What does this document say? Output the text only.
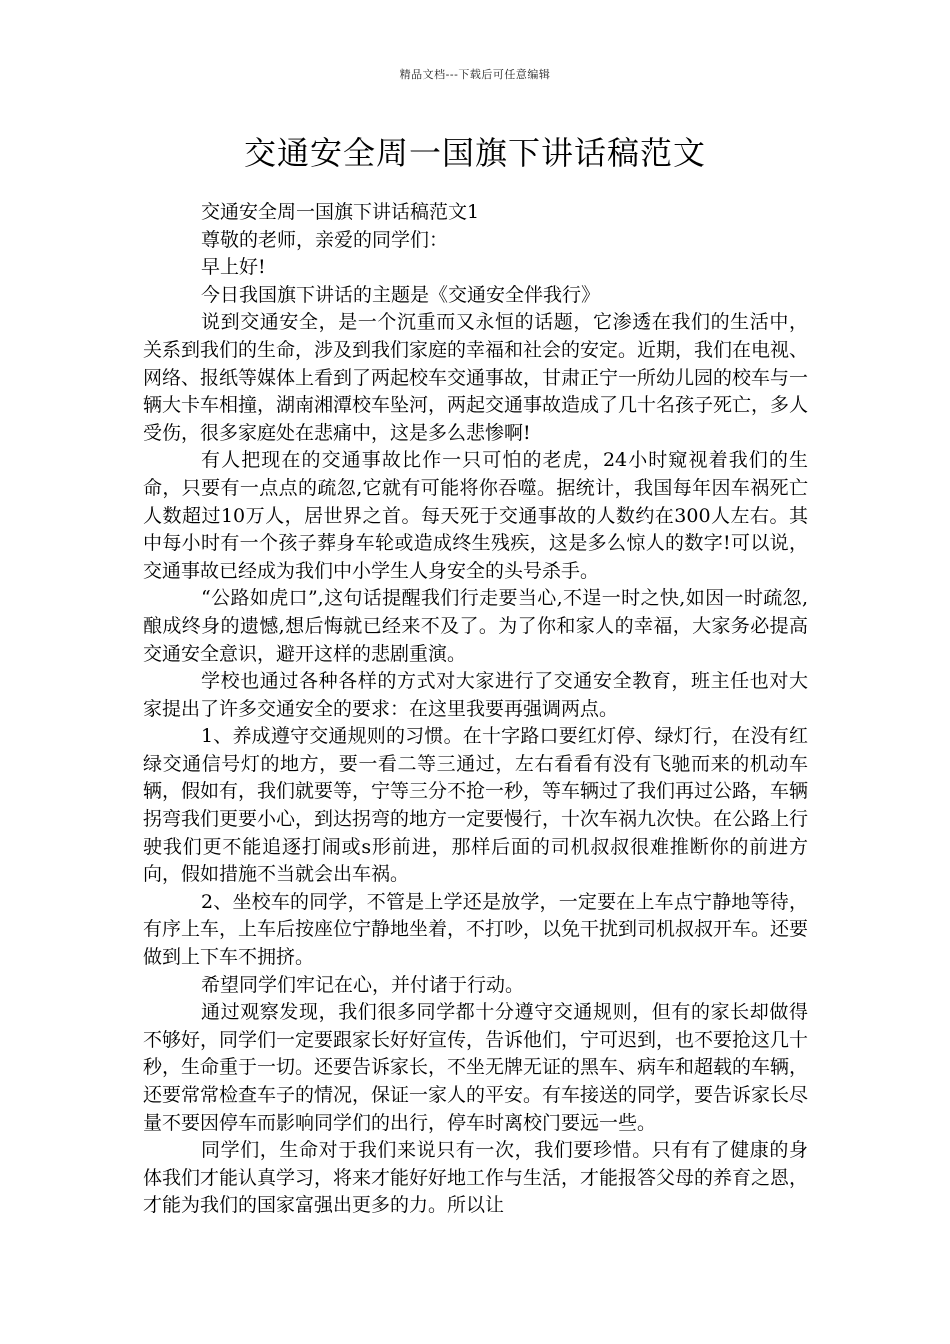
精品文档---下载后可任意编辑
交通安全周一国旗下讲话稿范文

交通安全周一国旗下讲话稿范文1

尊敬的老师，亲爱的同学们：

早上好!

今日我国旗下讲话的主题是《交通安全伴我行》

说到交通安全，是一个沉重而又永恒的话题，它渗透在我们的生活中，关系到我们的生命，涉及到我们家庭的幸福和社会的安定。近期，我们在电视、网络、报纸等媒体上看到了两起校车交通事故，甘肃正宁一所幼儿园的校车与一辆大卡车相撞，湖南湘潭校车坠河，两起交通事故造成了几十名孩子死亡，多人受伤，很多家庭处在悲痛中，这是多么悲惨啊!

有人把现在的交通事故比作一只可怕的老虎，24小时窥视着我们的生命，只要有一点点的疏忽,它就有可能将你吞噬。据统计，我国每年因车祸死亡人数超过10万人，居世界之首。每天死于交通事故的人数约在300人左右。其中每小时有一个孩子葬身车轮或造成终生残疾，这是多么惊人的数字!可以说，交通事故已经成为我们中小学生人身安全的头号杀手。

“公路如虎口”,这句话提醒我们行走要当心,不逞一时之快,如因一时疏忽,酿成终身的遗憾,想后悔就已经来不及了。为了你和家人的幸福，大家务必提高交通安全意识，避开这样的悲剧重演。

学校也通过各种各样的方式对大家进行了交通安全教育，班主任也对大家提出了许多交通安全的要求：在这里我要再强调两点。

1、养成遵守交通规则的习惯。在十字路口要红灯停、绿灯行，在没有红绿交通信号灯的地方，要一看二等三通过，左右看看有没有飞驰而来的机动车辆，假如有，我们就要等，宁等三分不抢一秒，等车辆过了我们再过公路，车辆拐弯我们更要小心，到达拐弯的地方一定要慢行，十次车祸九次快。在公路上行驶我们更不能追逐打闹或s形前进，那样后面的司机叔叔很难推断你的前进方向，假如措施不当就会出车祸。

2、坐校车的同学，不管是上学还是放学，一定要在上车点宁静地等待，有序上车，上车后按座位宁静地坐着，不打吵，以免干扰到司机叔叔开车。还要做到上下车不拥挤。

希望同学们牢记在心，并付诸于行动。

通过观察发现，我们很多同学都十分遵守交通规则，但有的家长却做得不够好，同学们一定要跟家长好好宣传，告诉他们，宁可迟到，也不要抢这几十秒，生命重于一切。还要告诉家长，不坐无牌无证的黑车、病车和超载的车辆，还要常常检查车子的情况，保证一家人的平安。有车接送的同学，要告诉家长尽量不要因停车而影响同学们的出行，停车时离校门要远一些。

同学们，生命对于我们来说只有一次，我们要珍惜。只有有了健康的身体我们才能认真学习，将来才能好好地工作与生活，才能报答父母的养育之恩，才能为我们的国家富强出更多的力。所以让
